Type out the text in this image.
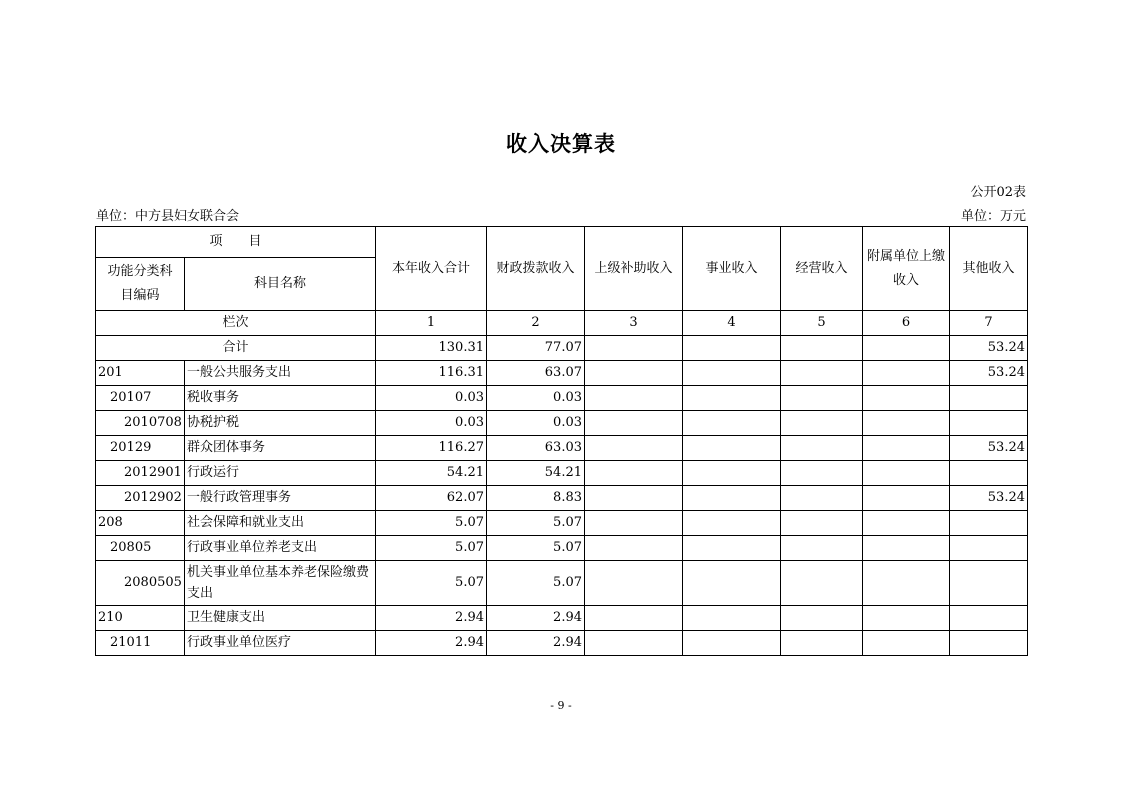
收入决算表
公开02表
单位：中方县妇女联合会	单位：万元
项　　目		本年收入合计	财政拨款收入	上级补助收入	事业收入	经营收入	附属单位上缴收入	其他收入
功能分类科目编码	科目名称							
栏次		1	2	3	4	5	6	7
合计		130.31	77.07					53.24
201	一般公共服务支出	116.31	63.07					53.24
20107	税收事务	0.03	0.03					
2010708	协税护税	0.03	0.03					
20129	群众团体事务	116.27	63.03					53.24
2012901	行政运行	54.21	54.21					
2012902	一般行政管理事务	62.07	8.83					53.24
208	社会保障和就业支出	5.07	5.07					
20805	行政事业单位养老支出	5.07	5.07					
2080505	机关事业单位基本养老保险缴费支出	5.07	5.07					
210	卫生健康支出	2.94	2.94					
21011	行政事业单位医疗	2.94	2.94					
- 9 -
